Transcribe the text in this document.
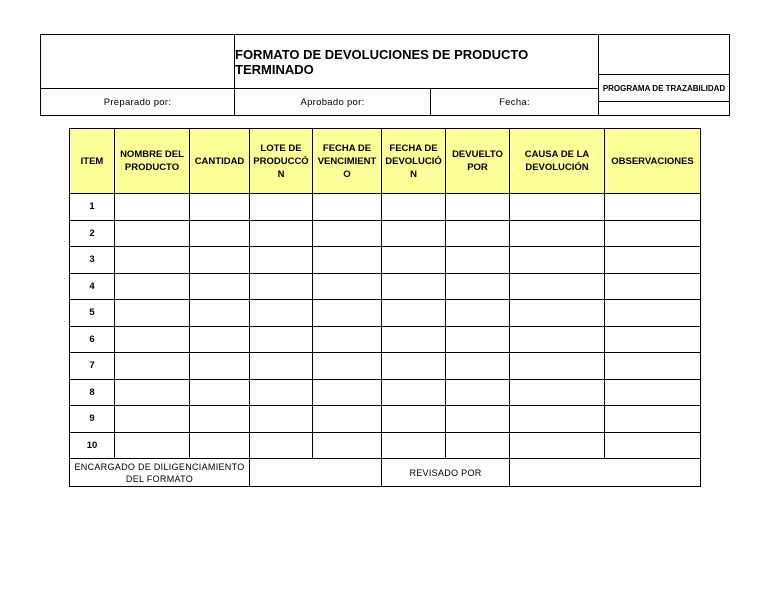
FORMATO DE DEVOLUCIONES DE PRODUCTO TERMINADO
PROGRAMA DE TRAZABILIDAD
Preparado por:	Aprobado por:	Fecha:
ITEM	NOMBRE DEL PRODUCTO	CANTIDAD	LOTE DE PRODUCCÓ N	FECHA DE VENCIMIENT O	FECHA DE DEVOLUCIÓ N	DEVUELTO POR	CAUSA DE LA DEVOLUCIÓN	OBSERVACIONES
1								
2								
3								
4								
5								
6								
7								
8								
9								
10								
ENCARGADO DE DILIGENCIAMIENTO DEL FORMATO					REVISADO POR			
